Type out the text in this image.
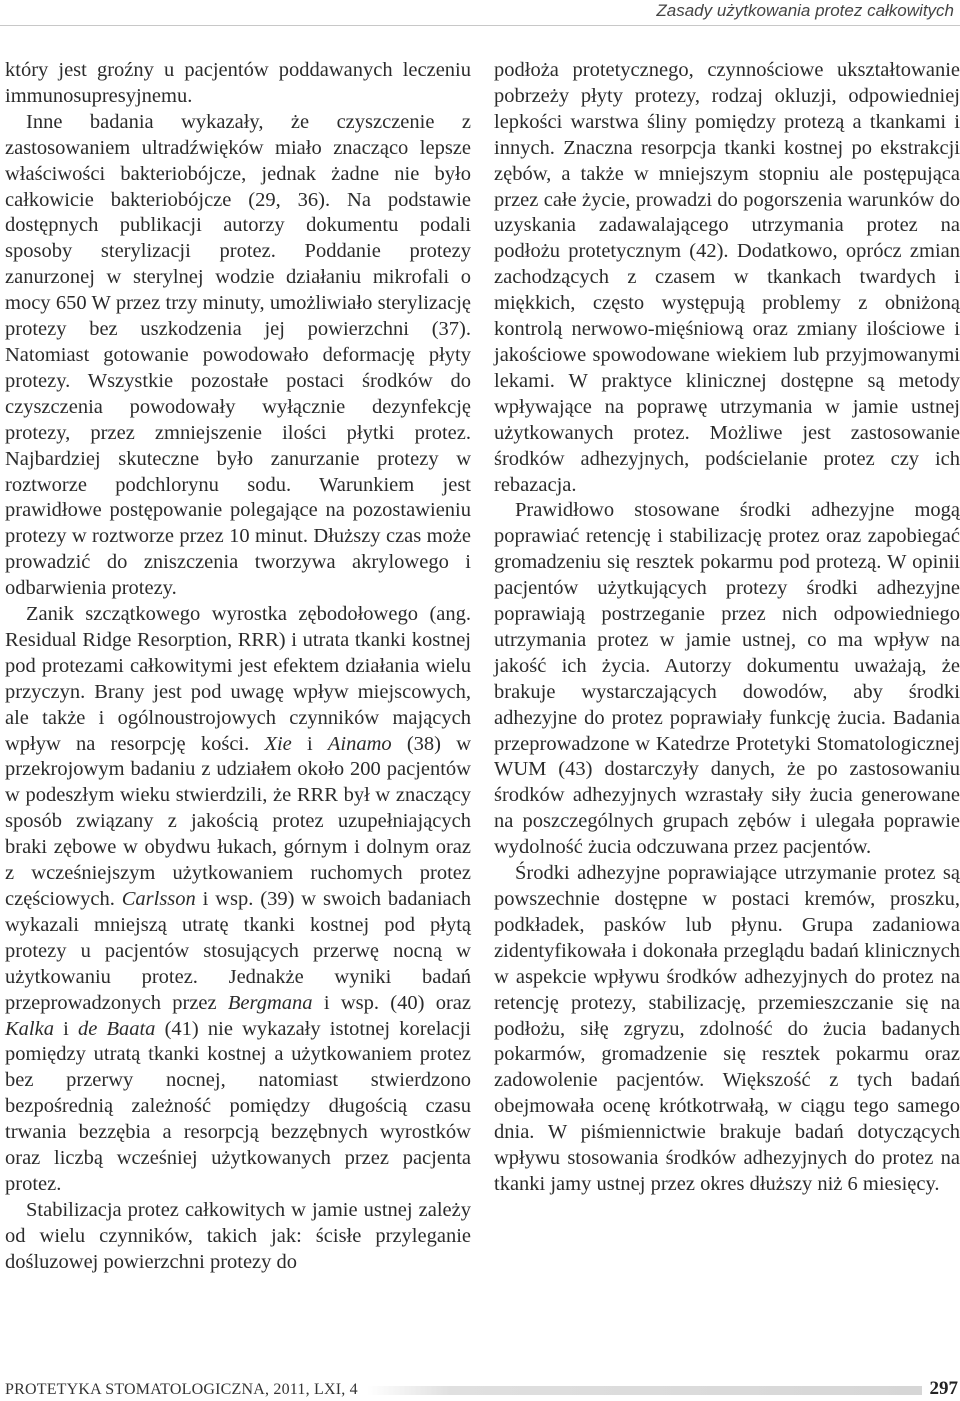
Zasady użytkowania protez całkowitych

który jest groźny u pacjentów poddawanych leczeniu immunosupresyjnemu.

Inne badania wykazały, że czyszczenie z zastosowaniem ultradźwięków miało znacząco lepsze właściwości bakteriobójcze, jednak żadne nie było całkowicie bakteriobójcze (29, 36). Na podstawie dostępnych publikacji autorzy dokumentu podali sposoby sterylizacji protez. Poddanie protezy zanurzonej w sterylnej wodzie działaniu mikrofali o mocy 650 W przez trzy minuty, umożliwiało sterylizację protezy bez uszkodzenia jej powierzchni (37). Natomiast gotowanie powodowało deformację płyty protezy. Wszystkie pozostałe postaci środków do czyszczenia powodowały wyłącznie dezynfekcję protezy, przez zmniejszenie ilości płytki protez. Najbardziej skuteczne było zanurzanie protezy w roztworze podchlorynu sodu. Warunkiem jest prawidłowe postępowanie polegające na pozostawieniu protezy w roztworze przez 10 minut. Dłuższy czas może prowadzić do zniszczenia tworzywa akrylowego i odbarwienia protezy.

Zanik szczątkowego wyrostka zębodołowego (ang. Residual Ridge Resorption, RRR) i utrata tkanki kostnej pod protezami całkowitymi jest efektem działania wielu przyczyn. Brany jest pod uwagę wpływ miejscowych, ale także i ogólnoustrojowych czynników mających wpływ na resorpcję kości. Xie i Ainamo (38) w przekrojowym badaniu z udziałem około 200 pacjentów w podeszłym wieku stwierdzili, że RRR był w znaczący sposób związany z jakością protez uzupełniających braki zębowe w obydwu łukach, górnym i dolnym oraz z wcześniejszym użytkowaniem ruchomych protez częściowych. Carlsson i wsp. (39) w swoich badaniach wykazali mniejszą utratę tkanki kostnej pod płytą protezy u pacjentów stosujących przerwę nocną w użytkowaniu protez. Jednakże wyniki badań przeprowadzonych przez Bergmana i wsp. (40) oraz Kalka i de Baata (41) nie wykazały istotnej korelacji pomiędzy utratą tkanki kostnej a użytkowaniem protez bez przerwy nocnej, natomiast stwierdzono bezpośrednią zależność pomiędzy długością czasu trwania bezzębia a resorpcją bezzębnych wyrostków oraz liczbą wcześniej użytkowanych przez pacjenta protez.

Stabilizacja protez całkowitych w jamie ustnej zależy od wielu czynników, takich jak: ścisłe przyleganie dośluzowej powierzchni protezy do

podłoża protetycznego, czynnościowe ukształtowanie pobrzeży płyty protezy, rodzaj okluzji, odpowiedniej lepkości warstwa śliny pomiędzy protezą a tkankami i innych. Znaczna resorpcja tkanki kostnej po ekstrakcji zębów, a także w mniejszym stopniu ale postępująca przez całe życie, prowadzi do pogorszenia warunków do uzyskania zadawalającego utrzymania protez na podłożu protetycznym (42). Dodatkowo, oprócz zmian zachodzących z czasem w tkankach twardych i miękkich, często występują problemy z obniżoną kontrolą nerwowo-mięśniową oraz zmiany ilościowe i jakościowe spowodowane wiekiem lub przyjmowanymi lekami. W praktyce klinicznej dostępne są metody wpływające na poprawę utrzymania w jamie ustnej użytkowanych protez. Możliwe jest zastosowanie środków adhezyjnych, podścielanie protez czy ich rebazacja.

Prawidłowo stosowane środki adhezyjne mogą poprawiać retencję i stabilizację protez oraz zapobiegać gromadzeniu się resztek pokarmu pod protezą. W opinii pacjentów użytkujących protezy środki adhezyjne poprawiają postrzeganie przez nich odpowiedniego utrzymania protez w jamie ustnej, co ma wpływ na jakość ich życia. Autorzy dokumentu uważają, że brakuje wystarczających dowodów, aby środki adhezyjne do protez poprawiały funkcję żucia. Badania przeprowadzone w Katedrze Protetyki Stomatologicznej WUM (43) dostarczyły danych, że po zastosowaniu środków adhezyjnych wzrastały siły żucia generowane na poszczególnych grupach zębów i ulegała poprawie wydolność żucia odczuwana przez pacjentów.

Środki adhezyjne poprawiające utrzymanie protez są powszechnie dostępne w postaci kremów, proszku, podkładek, pasków lub płynu. Grupa zadaniowa zidentyfikowała i dokonała przeglądu badań klinicznych w aspekcie wpływu środków adhezyjnych do protez na retencję protezy, stabilizację, przemieszczanie się na podłożu, siłę zgryzu, zdolność do żucia badanych pokarmów, gromadzenie się resztek pokarmu oraz zadowolenie pacjentów. Większość z tych badań obejmowała ocenę krótkotrwałą, w ciągu tego samego dnia. W piśmiennictwie brakuje badań dotyczących wpływu stosowania środków adhezyjnych do protez na tkanki jamy ustnej przez okres dłuższy niż 6 miesięcy.

PROTETYKA STOMATOLOGICZNA, 2011, LXI, 4	297
